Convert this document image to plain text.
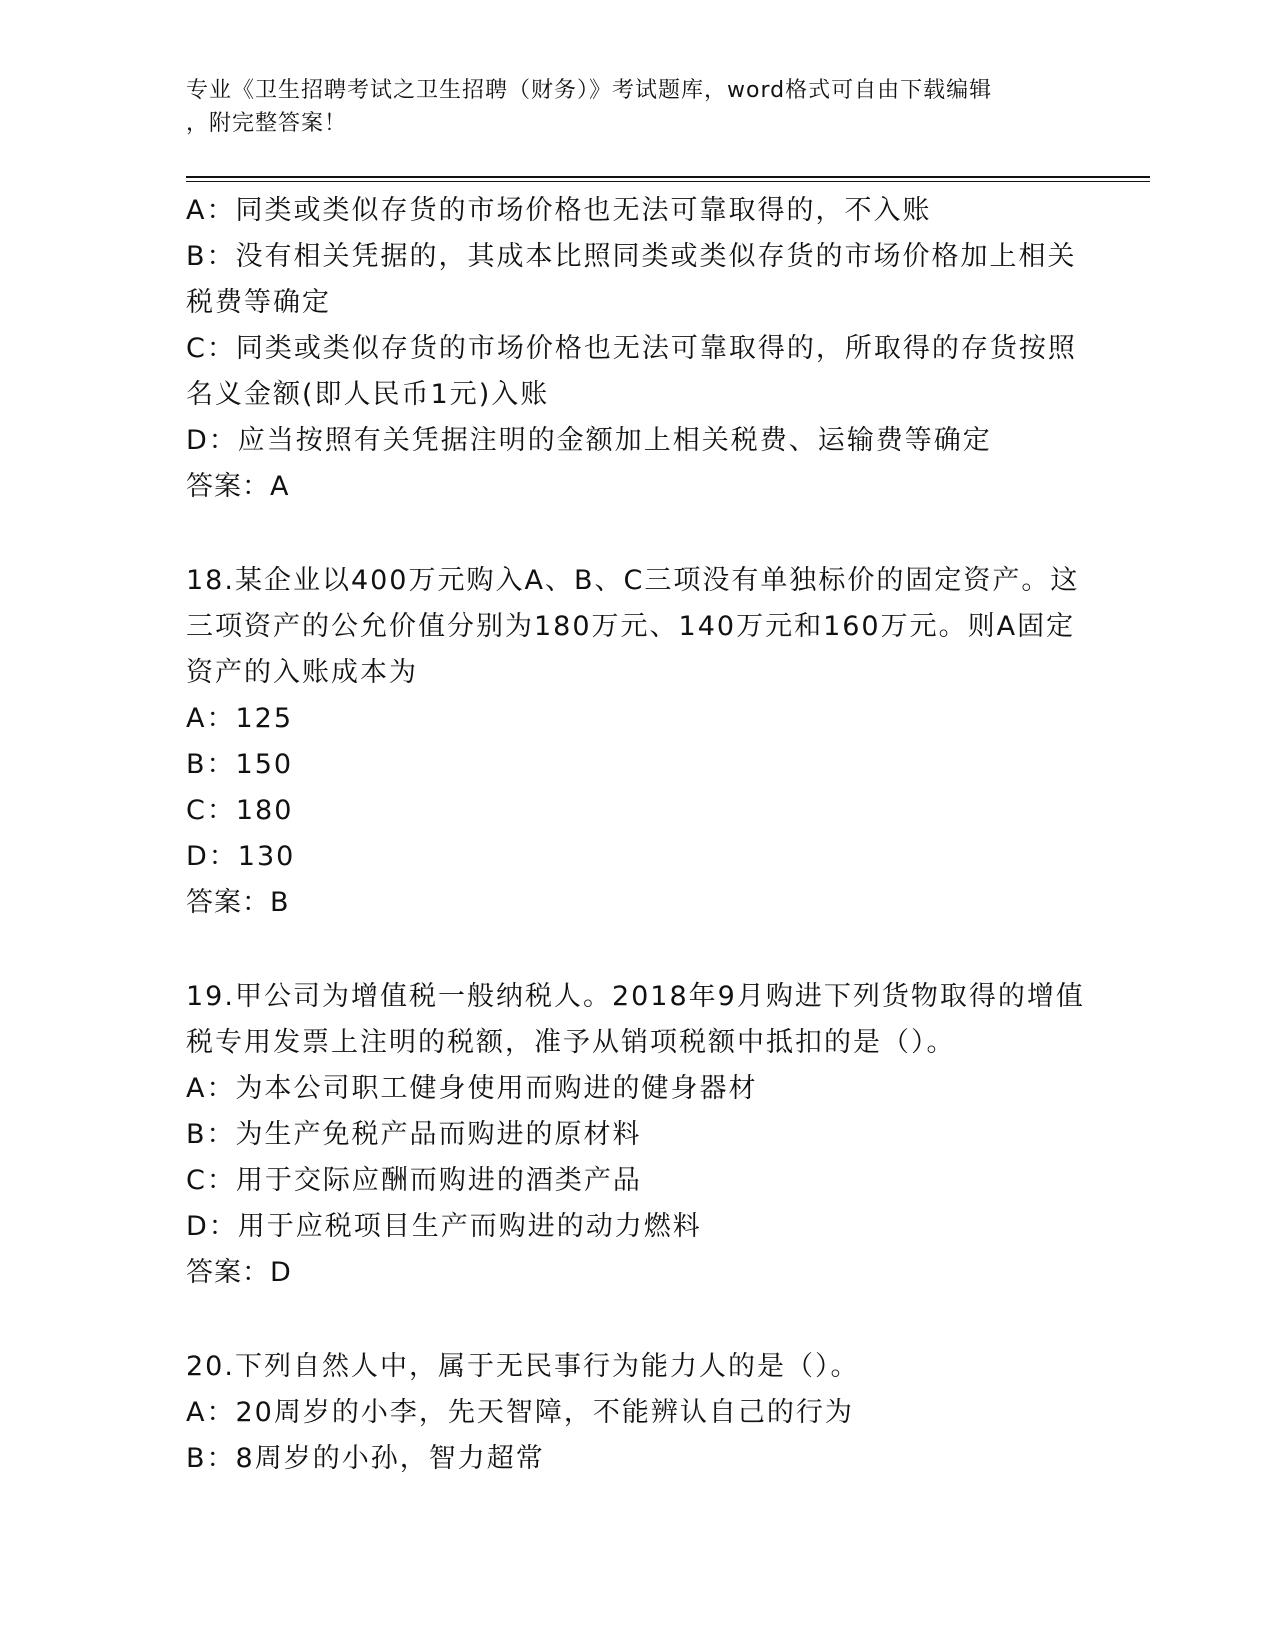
专业《卫生招聘考试之卫生招聘（财务）》考试题库，word格式可自由下载编辑
，附完整答案！
A：同类或类似存货的市场价格也无法可靠取得的，不入账
B：没有相关凭据的，其成本比照同类或类似存货的市场价格加上相关
税费等确定
C：同类或类似存货的市场价格也无法可靠取得的，所取得的存货按照
名义金额(即人民币1元)入账
D：应当按照有关凭据注明的金额加上相关税费、运输费等确定
答案：A
18.某企业以400万元购入A、B、C三项没有单独标价的固定资产。这
三项资产的公允价值分别为180万元、140万元和160万元。则A固定
资产的入账成本为
A：125
B：150
C：180
D：130
答案：B
19.甲公司为增值税一般纳税人。2018年9月购进下列货物取得的增值
税专用发票上注明的税额，准予从销项税额中抵扣的是（）。
A：为本公司职工健身使用而购进的健身器材
B：为生产免税产品而购进的原材料
C：用于交际应酬而购进的酒类产品
D：用于应税项目生产而购进的动力燃料
答案：D
20.下列自然人中，属于无民事行为能力人的是（）。
A：20周岁的小李，先天智障，不能辨认自己的行为
B：8周岁的小孙，智力超常
